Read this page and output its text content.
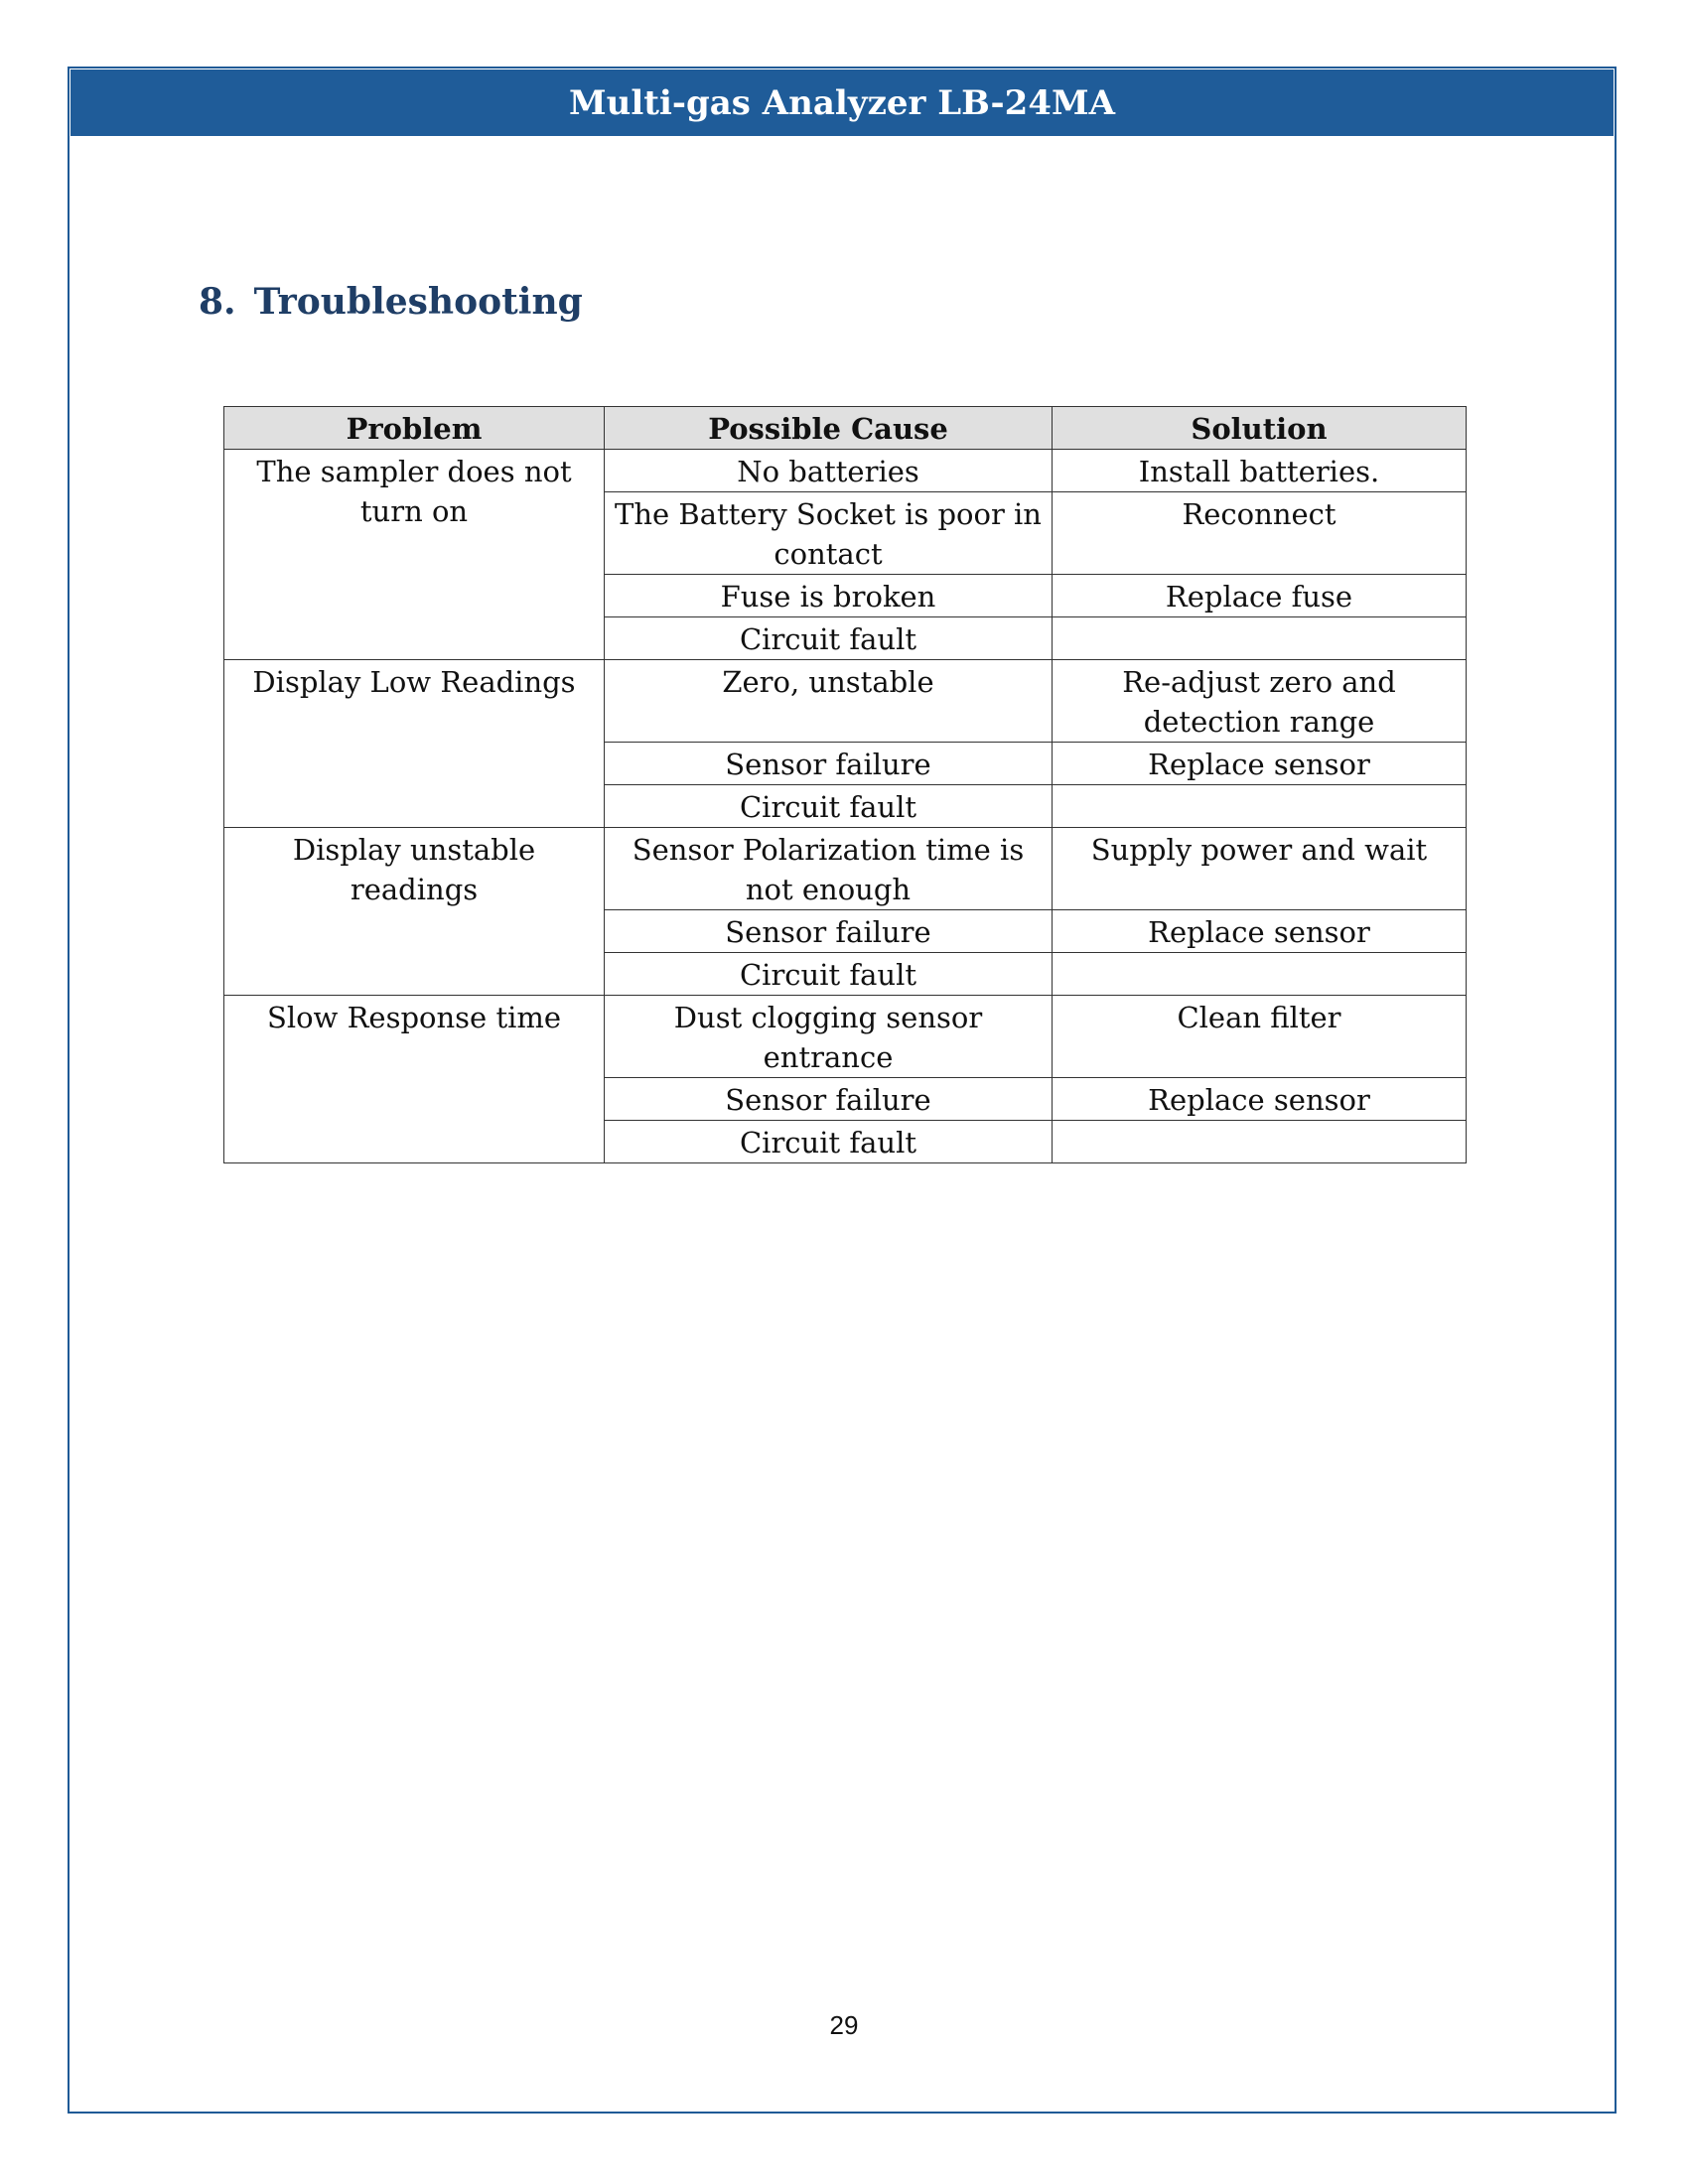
Multi-gas Analyzer LB-24MA
8. Troubleshooting
Problem	Possible Cause	Solution
The sampler does not turn on	No batteries	Install batteries.
	The Battery Socket is poor in contact	Reconnect
	Fuse is broken	Replace fuse
	Circuit fault	
Display Low Readings	Zero, unstable	Re-adjust zero and detection range
	Sensor failure	Replace sensor
	Circuit fault	
Display unstable readings	Sensor Polarization time is not enough	Supply power and wait
	Sensor failure	Replace sensor
	Circuit fault	
Slow Response time	Dust clogging sensor entrance	Clean filter
	Sensor failure	Replace sensor
	Circuit fault	
29
